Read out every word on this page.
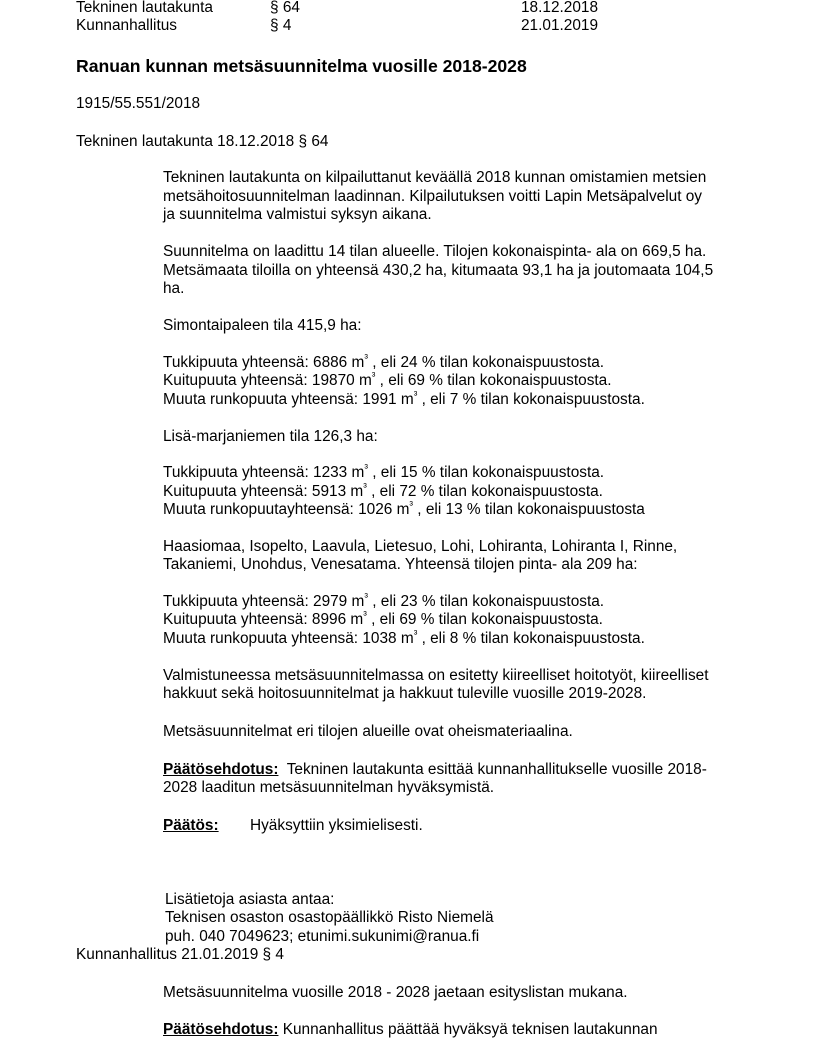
Tekninen lautakunta	§ 64	18.12.2018
Kunnanhallitus	§ 4	21.01.2019
Ranuan kunnan metsäsuunnitelma vuosille 2018-2028
1915/55.551/2018
Tekninen lautakunta 18.12.2018 § 64
Tekninen lautakunta on kilpailuttanut keväällä 2018 kunnan omistamien metsien
metsähoitosuunnitelman laadinnan. Kilpailutuksen voitti Lapin Metsäpalvelut oy
ja suunnitelma valmistui syksyn aikana.
Suunnitelma on laadittu 14 tilan alueelle. Tilojen kokonaispinta- ala on 669,5 ha.
Metsämaata tiloilla on yhteensä 430,2 ha, kitumaata 93,1 ha ja joutomaata 104,5
ha.
Simontaipaleen tila 415,9 ha:
Tukkipuuta yhteensä: 6886 $m^{^3}$ , eli 24 % tilan kokonaispuustosta.
Kuitupuuta yhteensä: 19870 $m^{^3}$ , eli 69 % tilan kokonaispuustosta.
Muuta runkopuuta yhteensä: 1991 $m^{^3}$ , eli 7 % tilan kokonaispuustosta.
Lisä-marjaniemen tila 126,3 ha:
Tukkipuuta yhteensä: 1233 $m^{^3}$ , eli 15 % tilan kokonaispuustosta.
Kuitupuuta yhteensä: 5913 $m^{^3}$ , eli 72 % tilan kokonaispuustosta.
Muuta runkopuutayhteensä: 1026 $m^{^3}$ , eli 13 % tilan kokonaispuustosta
Haasiomaa, Isopelto, Laavula, Lietesuo, Lohi, Lohiranta, Lohiranta I, Rinne,
Takaniemi, Unohdus, Venesatama. Yhteensä tilojen pinta- ala 209 ha:
Tukkipuuta yhteensä: 2979 $m^{^3}$ , eli 23 % tilan kokonaispuustosta.
Kuitupuuta yhteensä: 8996 $m^{^3}$ , eli 69 % tilan kokonaispuustosta.
Muuta runkopuuta yhteensä: 1038 $m^{^3}$ , eli 8 % tilan kokonaispuustosta.
Valmistuneessa metsäsuunnitelmassa on esitetty kiireelliset hoitotyöt, kiireelliset
hakkuut sekä hoitosuunnitelmat ja hakkuut tuleville vuosille 2019-2028.
Metsäsuunnitelmat eri tilojen alueille ovat oheismateriaalina.
Päätösehdotus:  Tekninen lautakunta esittää kunnanhallitukselle vuosille 2018-
2028 laaditun metsäsuunnitelman hyväksymistä.
Päätös: Hyäksyttiin yksimielisesti.
Lisätietoja asiasta antaa:
Teknisen osaston osastopäällikkö Risto Niemelä
puh. 040 7049623; etunimi.sukunimi@ranua.fi
Kunnanhallitus 21.01.2019 § 4
Metsäsuunnitelma vuosille 2018 - 2028 jaetaan esityslistan mukana.
Päätösehdotus: Kunnanhallitus päättää hyväksyä teknisen lautakunnan
